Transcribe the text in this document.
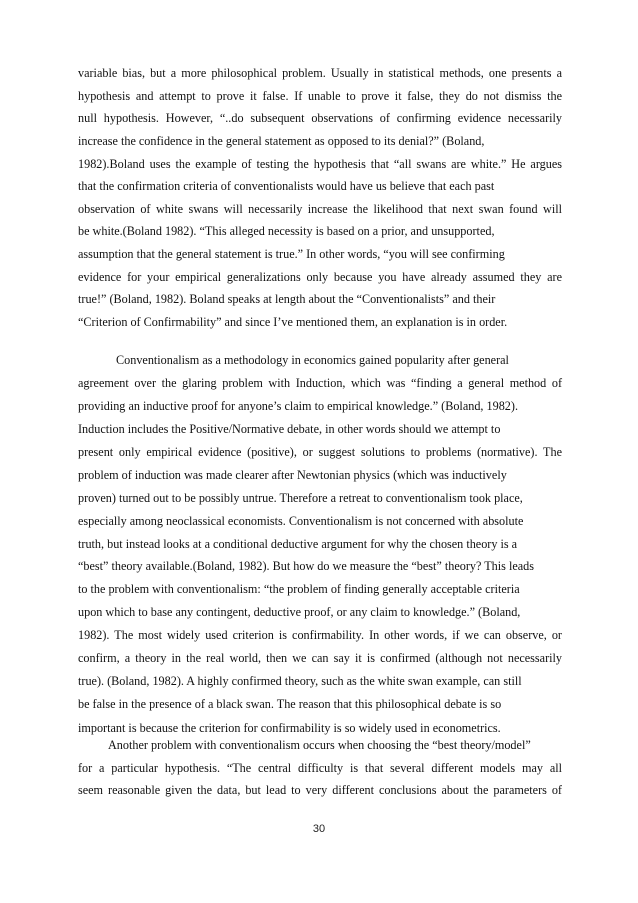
variable bias, but a more philosophical problem. Usually in statistical methods, one presents a
hypothesis and attempt to prove it false. If unable to prove it false, they do not dismiss the
null hypothesis. However, “..do subsequent observations of confirming evidence necessarily
increase the confidence in the general statement as opposed to its denial?” (Boland,
1982).Boland uses the example of testing the hypothesis that “all swans are white.” He argues
that the confirmation criteria of conventionalists would have us believe that each past
observation of white swans will necessarily increase the likelihood that next swan found will
be white.(Boland 1982). “This alleged necessity is based on a prior, and unsupported,
assumption that the general statement is true.” In other words, “you will see confirming
evidence for your empirical generalizations only because you have already assumed they are
true!” (Boland, 1982). Boland speaks at length about the “Conventionalists” and their
“Criterion of Confirmability” and since I’ve mentioned them, an explanation is in order.
Conventionalism as a methodology in economics gained popularity after general
agreement over the glaring problem with Induction, which was “finding a general method of
providing an inductive proof for anyone’s claim to empirical knowledge.” (Boland, 1982).
Induction includes the Positive/Normative debate, in other words should we attempt to
present only empirical evidence (positive), or suggest solutions to problems (normative). The
problem of induction was made clearer after Newtonian physics (which was inductively
proven) turned out to be possibly untrue. Therefore a retreat to conventionalism took place,
especially among neoclassical economists. Conventionalism is not concerned with absolute
truth, but instead looks at a conditional deductive argument for why the chosen theory is a
“best” theory available.(Boland, 1982). But how do we measure the “best” theory? This leads
to the problem with conventionalism: “the problem of finding generally acceptable criteria
upon which to base any contingent, deductive proof, or any claim to knowledge.” (Boland,
1982). The most widely used criterion is confirmability. In other words, if we can observe, or
confirm, a theory in the real world, then we can say it is confirmed (although not necessarily
true). (Boland, 1982). A highly confirmed theory, such as the white swan example, can still
important is because the criterion for confirmability is so widely used in econometrics.
Another problem with conventionalism occurs when choosing the “best theory/model”
for a particular hypothesis. “The central difficulty is that several different models may all
seem reasonable given the data, but lead to very different conclusions about the parameters of
be false in the presence of a black swan. The reason that this philosophical debate is so
30
